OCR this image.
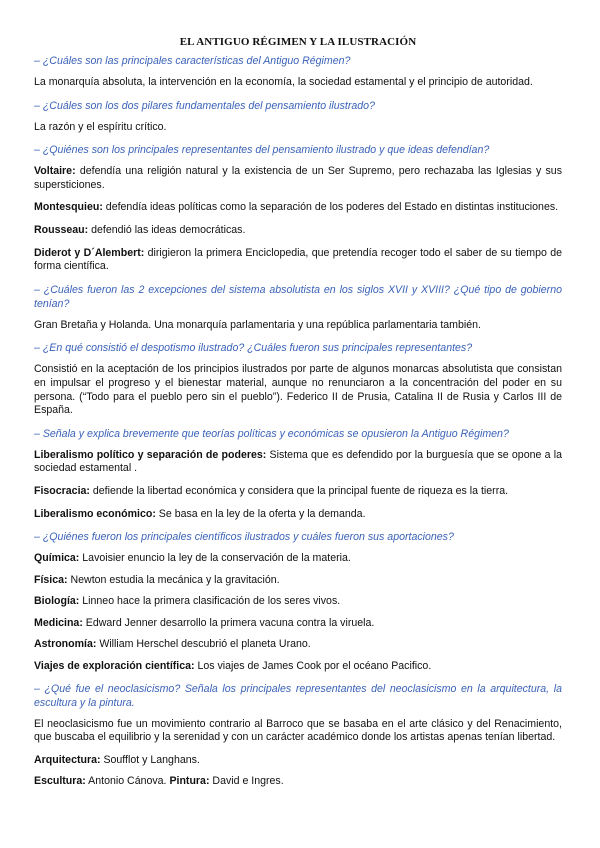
EL ANTIGUO RÉGIMEN Y LA ILUSTRACIÓN

– ¿Cuáles son las principales características del Antiguo Régimen?

La monarquía absoluta, la intervención en la economía, la sociedad estamental y el principio de autoridad.

– ¿Cuáles son los dos pilares fundamentales del pensamiento ilustrado?

La razón y el espíritu crítico.

– ¿Quiénes son los principales representantes del pensamiento ilustrado y que ideas defendían?

Voltaire: defendía una religión natural y la existencia de un Ser Supremo, pero rechazaba las Iglesias y sus supersticiones.

Montesquieu: defendía ideas políticas como la separación de los poderes del Estado en distintas instituciones.

Rousseau: defendió las ideas democráticas.

Diderot y D´Alembert: dirigieron la primera Enciclopedia, que pretendía recoger todo el saber de su tiempo de forma científica.

– ¿Cuáles fueron las 2 excepciones del sistema absolutista en los siglos XVII y XVIII? ¿Qué tipo de gobierno tenían?

Gran Bretaña y Holanda. Una monarquía parlamentaria y una república parlamentaria también.

– ¿En qué consistió el despotismo ilustrado? ¿Cuáles fueron sus principales representantes?

Consistió en la aceptación de los principios ilustrados por parte de algunos monarcas absolutista que consistan en impulsar el progreso y el bienestar material, aunque no renunciaron a la concentración del poder en su persona. (“Todo para el pueblo pero sin el pueblo”). Federico II de Prusia, Catalina II de Rusia y Carlos III de España.

– Señala y explica brevemente que teorías políticas y económicas se opusieron la Antiguo Régimen?

Liberalismo político y separación de poderes: Sistema que es defendido por la burguesía que se opone a la sociedad estamental .

Fisocracia: defiende la libertad económica y considera que la principal fuente de riqueza es la tierra.

Liberalismo económico: Se basa en la ley de la oferta y la demanda.

– ¿Quiénes fueron los principales científicos ilustrados y cuáles fueron sus aportaciones?

Química: Lavoisier enuncio la ley de la conservación de la materia.

Física: Newton estudia la mecánica y la gravitación.

Biología: Linneo hace la primera clasificación de los seres vivos.

Medicina: Edward Jenner desarrollo la primera vacuna contra la viruela.

Astronomía: William Herschel descubrió el planeta Urano.

Viajes de exploración científica: Los viajes de James Cook por el océano Pacifico.

– ¿Qué fue el neoclasicismo? Señala los principales representantes del neoclasicismo en la arquitectura, la escultura y la pintura.

El neoclasicismo fue un movimiento contrario al Barroco que se basaba en el arte clásico y del Renacimiento, que buscaba el equilibrio y la serenidad y con un carácter académico donde los artistas apenas tenían libertad.

Arquitectura: Soufflot y Langhans.

Escultura: Antonio Cánova. Pintura: David e Ingres.
